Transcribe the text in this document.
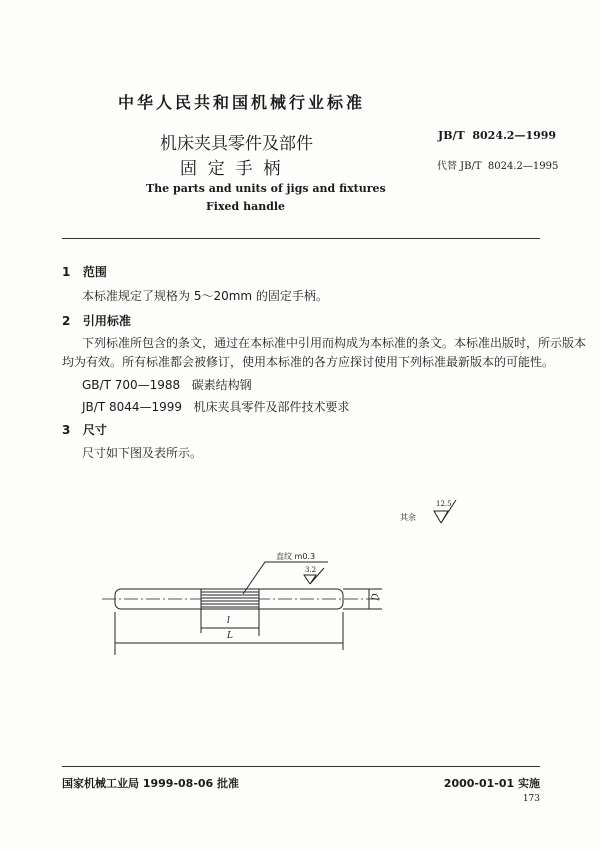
中华人民共和国机械行业标准
机床夹具零件及部件
固  定  手  柄
JB/T  8024.2—1999
代替 JB/T  8024.2—1995
The parts and units of jigs and fixtures
Fixed handle
1 范围
本标准规定了规格为 5～20mm 的固定手柄。
2 引用标准
下列标准所包含的条文，通过在本标准中引用而构成为本标准的条文。本标准出版时，所示版本
均为有效。所有标准都会被修订，使用本标准的各方应探讨使用下列标准最新版本的可能性。
GB/T 700—1988 碳素结构钢
JB/T 8044—1999 机床夹具零件及部件技术要求
3 尺寸
尺寸如下图及表所示。
其余
12.5
直纹 m0.3
3.2
D
l
L
国家机械工业局 1999-08-06 批准	2000-01-01 实施
173
